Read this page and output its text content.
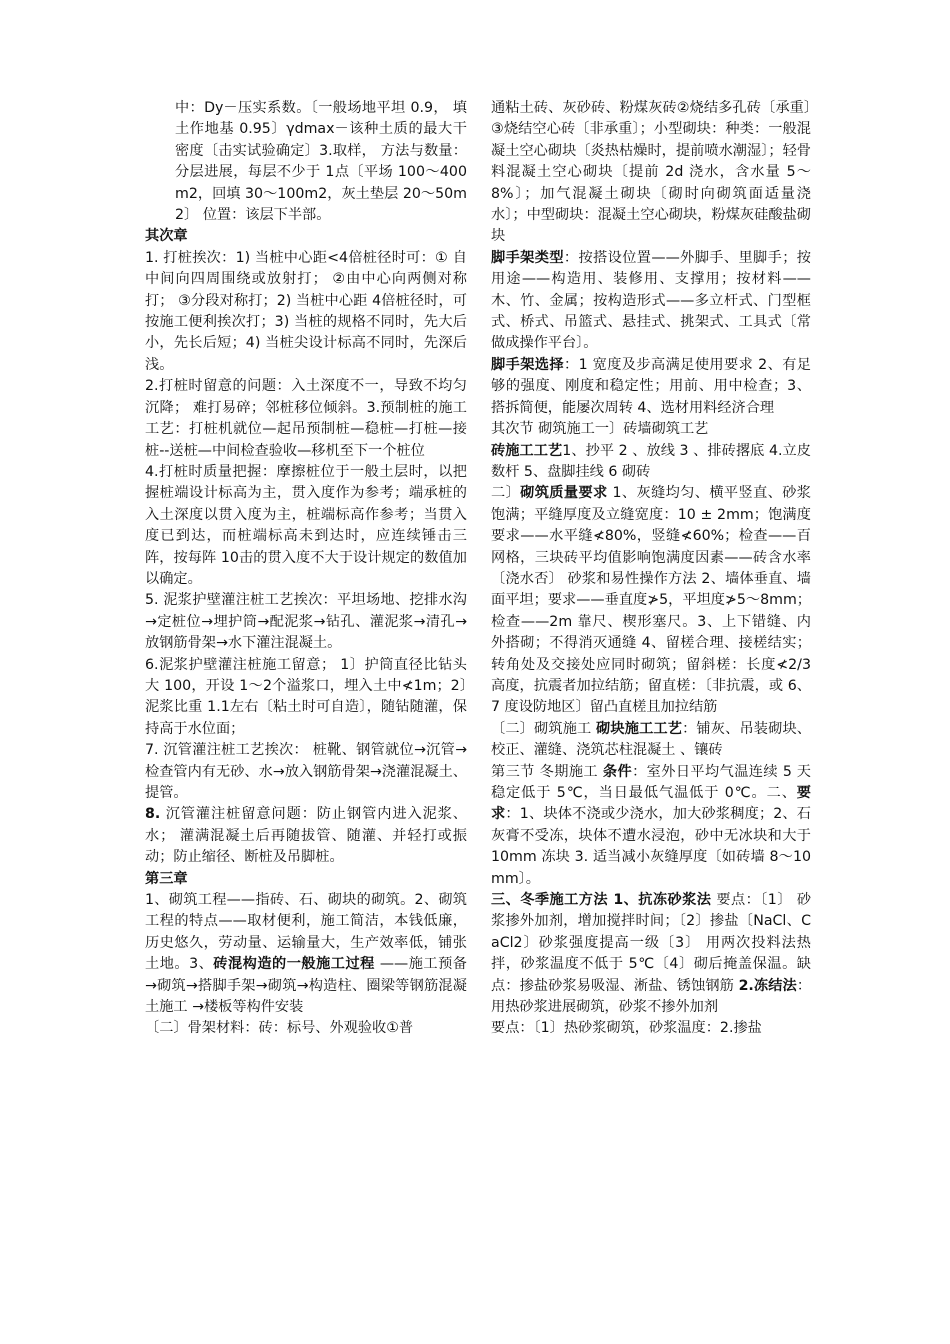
中：Dy－压实系数。〔一般场地平坦 0.9， 填土作地基 0.95〕γdmax－该种土质的最大干密度〔击实试验确定〕3.取样， 方法与数量：分层进展，每层不少于 1点〔平场 100～400m2，回填 30～100m2，灰土垫层 20～50m2〕 位置：该层下半部。

其次章

1. 打桩挨次：1) 当桩中心距<4倍桩径时可：① 自中间向四周围绕或放射打； ②由中心向两侧对称打； ③分段对称打；2) 当桩中心距 4倍桩径时，可按施工便利挨次打；3) 当桩的规格不同时，先大后小，先长后短；4) 当桩尖设计标高不同时，先深后浅。

2.打桩时留意的问题：入土深度不一，导致不均匀沉降； 难打易碎；邻桩移位倾斜。3.预制桩的施工工艺：打桩机就位—起吊预制桩—稳桩—打桩—接桩--送桩—中间检查验收—移机至下一个桩位

4.打桩时质量把握：摩擦桩位于一般土层时，以把握桩端设计标高为主，贯入度作为参考；端承桩的入土深度以贯入度为主，桩端标高作参考；当贯入度已到达，而桩端标高未到达时，应连续锤击三阵，按每阵 10击的贯入度不大于设计规定的数值加以确定。

5. 泥浆护壁灌注桩工艺挨次：平坦场地、挖排水沟→定桩位→埋护筒→配泥浆→钻孔、灌泥浆→清孔→放钢筋骨架→水下灌注混凝土。

6.泥浆护壁灌注桩施工留意； 1〕护筒直径比钻头大 100，开设 1～2个溢浆口，埋入土中≮1m；2〕泥浆比重 1.1左右〔粘土时可自造〕，随钻随灌，保持高于水位面；

7. 沉管灌注桩工艺挨次： 桩靴、钢管就位→沉管→检查管内有无砂、水→放入钢筋骨架→浇灌混凝土、提管。

8. 沉管灌注桩留意问题：防止钢管内进入泥浆、水； 灌满混凝土后再随拔管、随灌、并轻打或振动；防止缩径、断桩及吊脚桩。

第三章

1、砌筑工程——指砖、石、砌块的砌筑。2、砌筑工程的特点——取材便利，施工简洁，本钱低廉，历史悠久，劳动量、运输量大，生产效率低，铺张土地。3、砖混构造的一般施工过程 ——施工预备→砌筑→搭脚手架→砌筑→构造柱、圈梁等钢筋混凝土施工 →楼板等构件安装

〔二〕骨架材料：砖：标号、外观验收①普

通粘土砖、灰砂砖、粉煤灰砖②烧结多孔砖〔承重〕③烧结空心砖〔非承重〕；小型砌块：种类：一般混凝土空心砌块〔炎热枯燥时，提前喷水潮湿〕；轻骨料混凝土空心砌块〔提前 2d 浇水，含水量 5～8%〕；加气混凝土砌块〔砌时向砌筑面适量浇水〕；中型砌块：混凝土空心砌块，粉煤灰硅酸盐砌块

脚手架类型：按搭设位置——外脚手、里脚手；按用途——构造用、装修用、支撑用；按材料——木、竹、金属；按构造形式——多立杆式、门型框式、桥式、吊篮式、悬挂式、挑架式、工具式〔常做成操作平台〕。

脚手架选择：1 宽度及步高满足使用要求 2、有足够的强度、刚度和稳定性；用前、用中检查；3、搭拆简便，能屡次周转 4、选材用料经济合理

其次节 砌筑施工一〕砖墙砌筑工艺

砖施工工艺1、抄平 2 、放线 3 、排砖撂底 4.立皮数杆 5、盘脚挂线 6 砌砖

二〕砌筑质量要求 1、灰缝均匀、横平竖直、砂浆饱满；平缝厚度及立缝宽度：10 ± 2mm；饱满度要求——水平缝≮80%，竖缝≮60%；检查——百网格，三块砖平均值影响饱满度因素——砖含水率〔浇水否〕 砂浆和易性操作方法 2、墙体垂直、墙面平坦；要求——垂直度≯5，平坦度≯5～8mm； 检查——2m 靠尺、楔形塞尺。3、上下错缝、内外搭砌；不得消灭通缝 4、留槎合理、接槎结实；转角处及交接处应同时砌筑；留斜槎：长度≮2/3 高度，抗震者加拉结筋；留直槎：〔非抗震，或 6、7 度设防地区〕留凸直槎且加拉结筋

〔二〕砌筑施工 砌块施工工艺：铺灰、吊装砌块、校正、灌缝、浇筑芯柱混凝土 、镶砖

第三节 冬期施工 条件：室外日平均气温连续 5 天稳定低于 5℃，当日最低气温低于 0℃。二、要求：1、块体不浇或少浇水，加大砂浆稠度；2、石灰膏不受冻，块体不遭水浸泡，砂中无冰块和大于 10mm 冻块 3. 适当减小灰缝厚度〔如砖墙 8～10mm〕。

三、冬季施工方法 1、抗冻砂浆法 要点：〔1〕 砂浆掺外加剂，增加搅拌时间；〔2〕掺盐〔NaCl、CaCl2〕砂浆强度提高一级〔3〕 用两次投料法热拌，砂浆温度不低于 5℃〔4〕砌后掩盖保温。缺点：掺盐砂浆易吸湿、淅盐、锈蚀钢筋 2.冻结法：用热砂浆进展砌筑，砂浆不掺外加剂

要点：〔1〕热砂浆砌筑，砂浆温度：2.掺盐
